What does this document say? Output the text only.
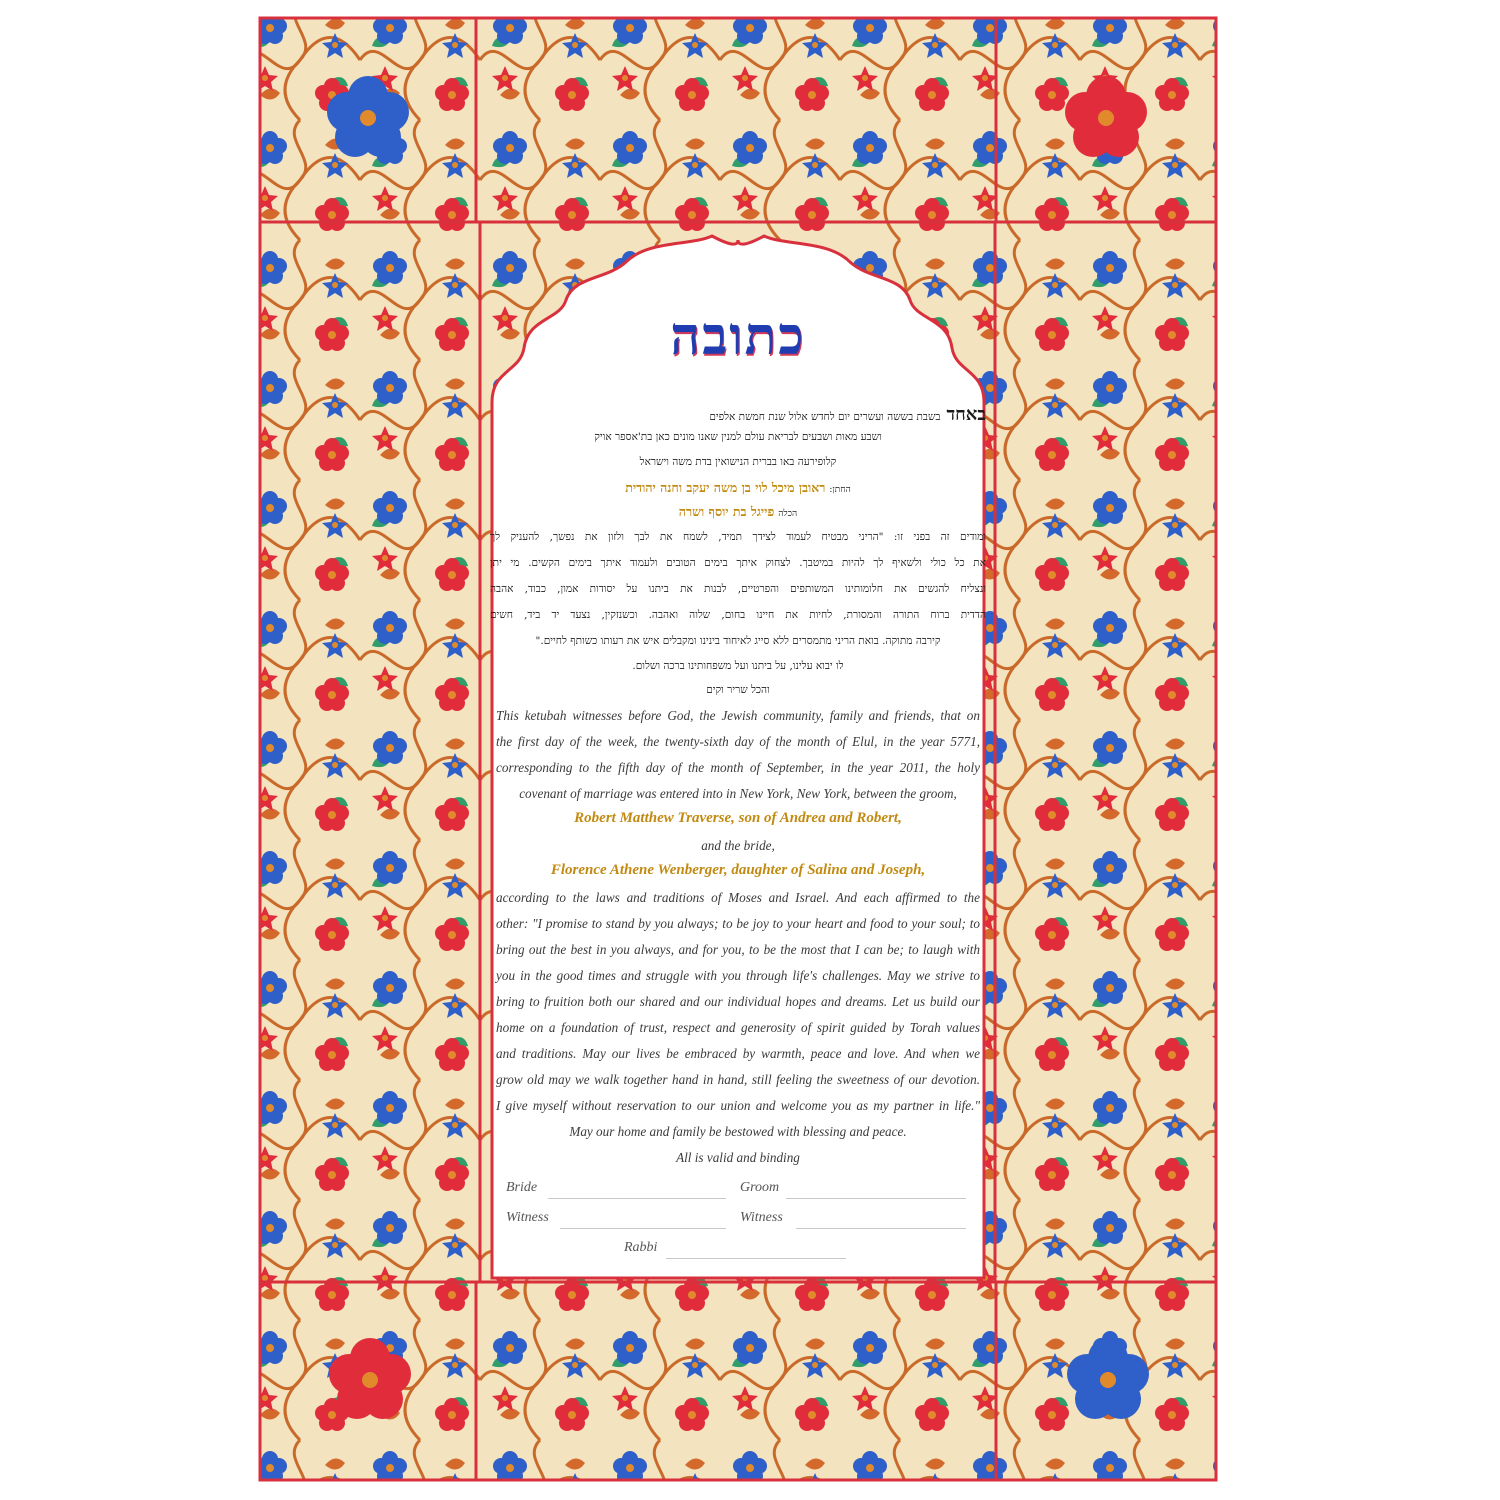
כתובה
באחדבשבת בששה ועשרים יום לחדש אלול שנת חמשת אלפים
ושבע מאות ושבעים לבריאת עולם למנין שאנו מונים כאן בת'אספר אויק
קלופירעה באו בברית הנישואין בדת משה וישראל
החתן:ראובן מיכל לוי בן משה יעקב וחנה יהודית
הכלהפייגל בת יוסף ושרה
ומודים זה בפני זו: "הריני מבטיח לעמוד לצידך תמיד, לשמח את לבך ולזון את נפשך, להעניק לך
את כל כולי ולשאיף לך להיות במיטבך. לצחוק איתך בימים הטובים ולעמוד איתך בימים הקשים. מי יתן
ונצליח להגשים את חלומותינו המשותפים והפרטיים, לבנות את ביתנו על יסודות אמון, כבוד, אהבה
הדדית ברוח התורה והמסורת, לחיות את חיינו בחום, שלוה ואהבה. וכשנזקין, נצעד יד ביד, חשים
קירבה מתוקה. בואת הריני מתמסרים ללא סייג לאיחוד בינינו ומקבלים איש את רעותו כשותף לחיים."
לו יבוא עלינו, על ביתנו ועל משפחותינו ברכה ושלום.
והכל שריר וקים
This ketubah witnesses before God, the Jewish community, family and friends, that on
the first day of the week, the twenty-sixth day of the month of Elul, in the year 5771,
corresponding to the fifth day of the month of September, in the year 2011, the holy
covenant of marriage was entered into in New York, New York, between the groom,
Robert Matthew Traverse, son of Andrea and Robert,
and the bride,
Florence Athene Wenberger, daughter of Salina and Joseph,
according to the laws and traditions of Moses and Israel. And each affirmed to the
other: "I promise to stand by you always; to be joy to your heart and food to your soul; to
bring out the best in you always, and for you, to be the most that I can be; to laugh with
you in the good times and struggle with you through life's challenges. May we strive to
bring to fruition both our shared and our individual hopes and dreams. Let us build our
home on a foundation of trust, respect and generosity of spirit guided by Torah values
and traditions. May our lives be embraced by warmth, peace and love. And when we
grow old may we walk together hand in hand, still feeling the sweetness of our devotion.
I give myself without reservation to our union and welcome you as my partner in life."
May our home and family be bestowed with blessing and peace.
All is valid and binding
Bride	Groom
Witness	Witness
Rabbi
